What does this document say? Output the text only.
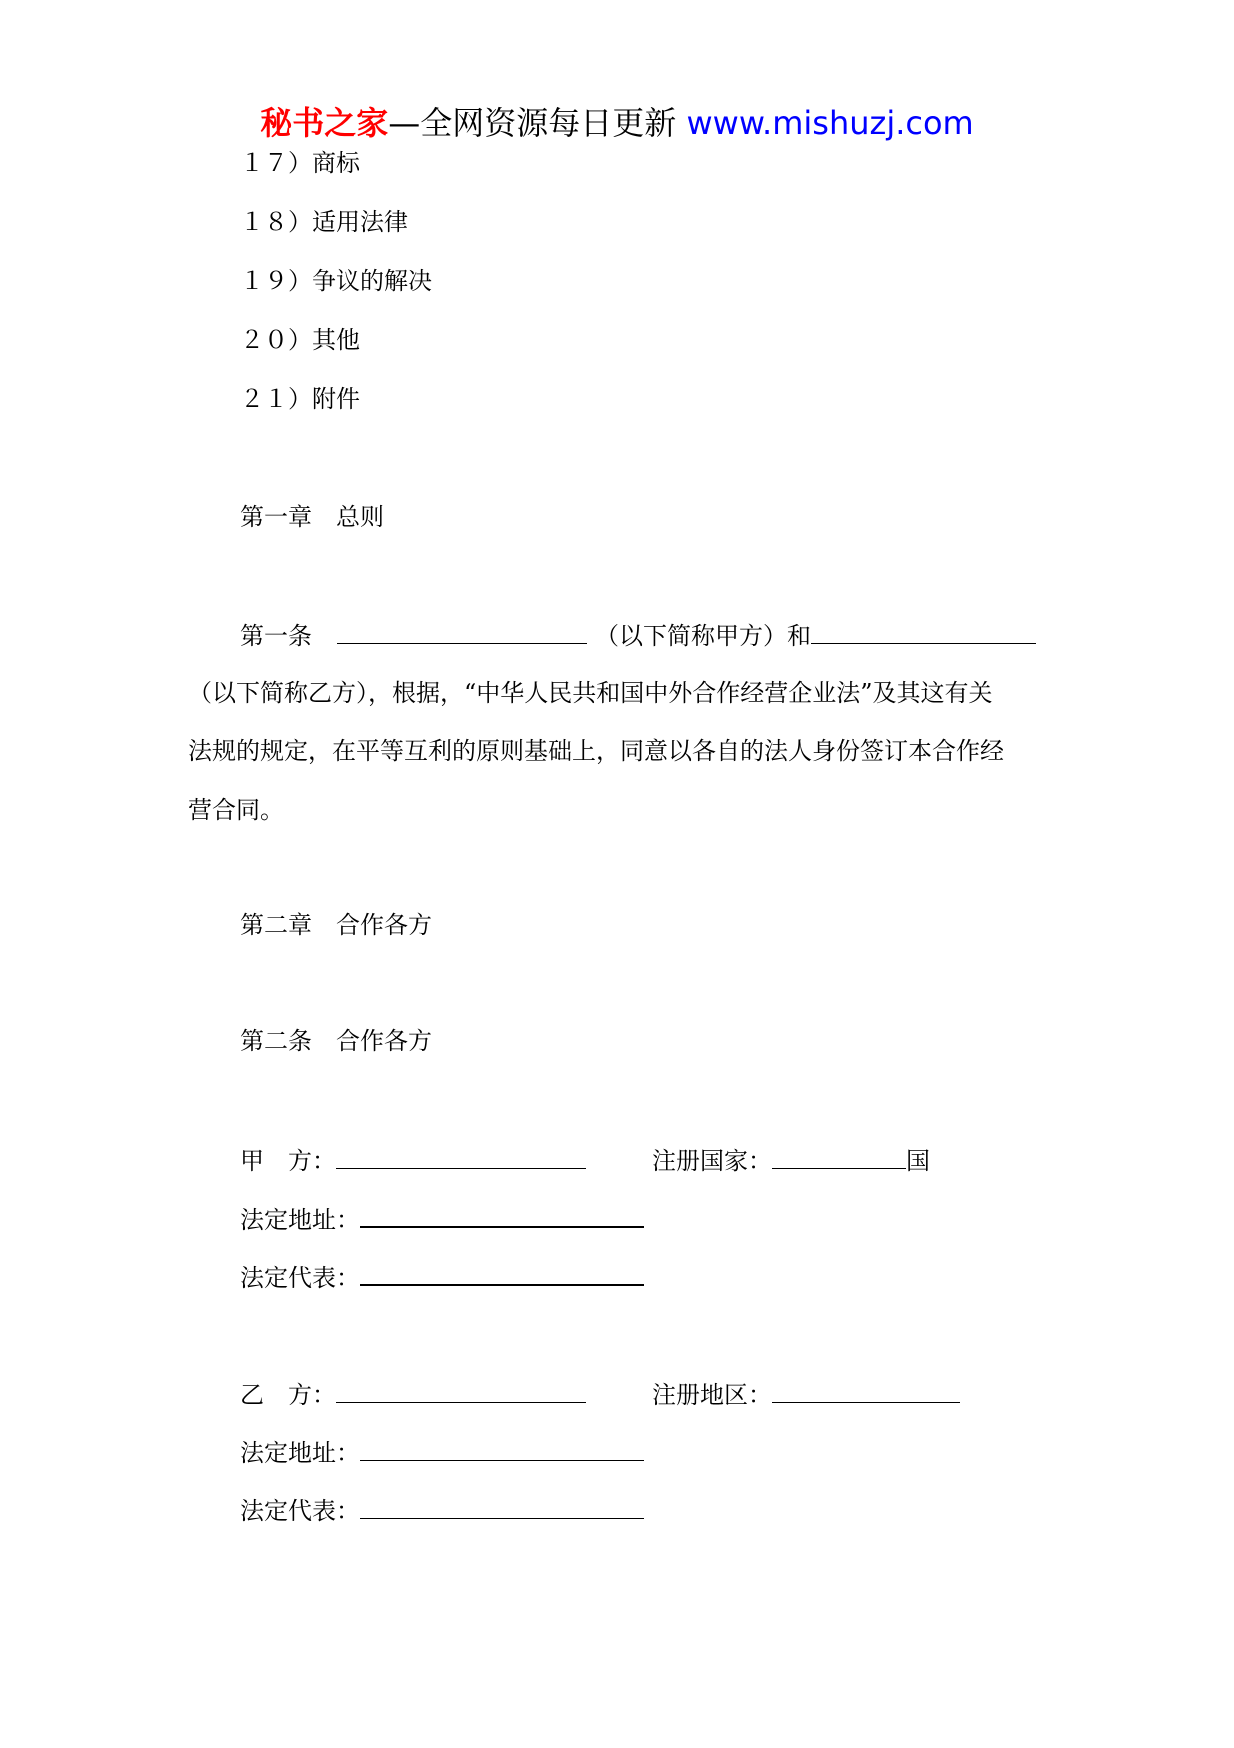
秘书之家—全网资源每日更新 www.mishuzj.com
１７）商标
１８）适用法律
１９）争议的解决
２０）其他
２１）附件
第一章　总则
第一条	（以下简称甲方）和
（以下简称乙方），根据，“中华人民共和国中外合作经营企业法”及其这有关
法规的规定，在平等互利的原则基础上，同意以各自的法人身份签订本合作经
营合同。
第二章　合作各方
第二条　合作各方
甲　方：	注册国家：	国
法定地址：
法定代表：
乙　方：	注册地区：
法定地址：
法定代表：
